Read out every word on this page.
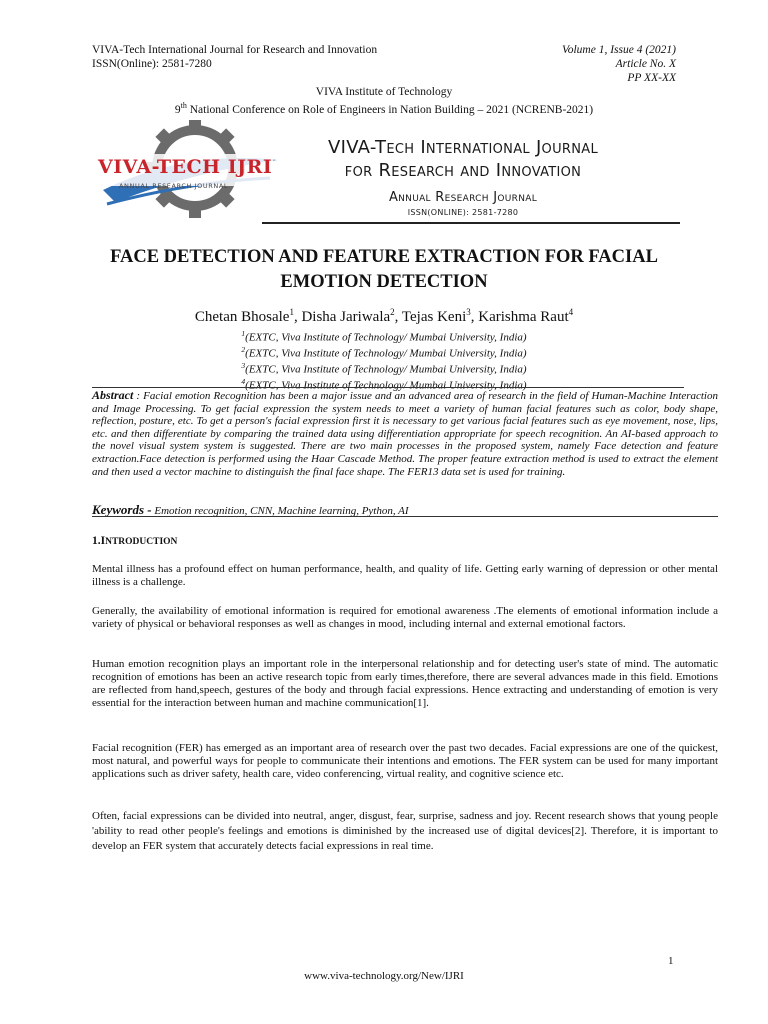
VIVA-Tech International Journal for Research and Innovation
ISSN(Online): 2581-7280
Volume 1, Issue 4 (2021)
Article No. X
PP XX-XX
VIVA Institute of Technology
9th National Conference on Role of Engineers in Nation Building – 2021 (NCRENB-2021)
VIVA-TECH IJRI
ANNUAL RESEARCH JOURNAL
VIVA-Tech International Journal
for Research and Innovation
Annual Research Journal
ISSN(ONLINE): 2581-7280
FACE DETECTION AND FEATURE EXTRACTION FOR FACIAL
EMOTION DETECTION
Chetan Bhosale$^1$, Disha Jariwala$^2$, Tejas Keni$^3$, Karishma Raut$^4$
$^1$(EXTC, Viva Institute of Technology/ Mumbai University, India)
$^2$(EXTC, Viva Institute of Technology/ Mumbai University, India)
$^3$(EXTC, Viva Institute of Technology/ Mumbai University, India)
$^4$(EXTC, Viva Institute of Technology/ Mumbai University, India)
Abstract : Facial emotion Recognition has been a major issue and an advanced area of research in the field of Human-Machine Interaction and Image Processing. To get facial expression the system needs to meet a variety of human facial features such as color, body shape, reflection, posture, etc. To get a person's facial expression first it is necessary to get various facial features such as eye movement, nose, lips, etc. and then differentiate by comparing the trained data using differentiation appropriate for speech recognition. An AI-based approach to the novel visual system system is suggested. There are two main processes in the proposed system, namely Face detection and feature extraction.Face detection is performed using the Haar Cascade Method. The proper feature extraction method is used to extract the element and then used a vector machine to distinguish the final face shape. The FER13 data set is used for training.
Keywords - Emotion recognition, CNN, Machine learning, Python, AI
1.INTRODUCTION
Mental illness has a profound effect on human performance, health, and quality of life. Getting early warning of depression or other mental illness is a challenge.
Generally, the availability of emotional information is required for emotional awareness .The elements of emotional information include a variety of physical or behavioral responses as well as changes in mood, including internal and external emotional factors.
Human emotion recognition plays an important role in the interpersonal relationship and for detecting user's state of mind. The automatic recognition of emotions has been an active research topic from early times,therefore, there are several advances made in this field. Emotions are reflected from hand,speech, gestures of the body and through facial expressions. Hence extracting and understanding of emotion is very essential for the interaction between human and machine communication[1].
Facial recognition (FER) has emerged as an important area of research over the past two decades. Facial expressions are one of the quickest, most natural, and powerful ways for people to communicate their intentions and emotions. The FER system can be used for many important applications such as driver safety, health care, video conferencing, virtual reality, and cognitive science etc.
Often, facial expressions can be divided into neutral, anger, disgust, fear, surprise, sadness and joy. Recent research shows that young people 'ability to read other people's feelings and emotions is diminished by the increased use of digital devices[2]. Therefore, it is important to develop an FER system that accurately detects facial expressions in real time.
1
www.viva-technology.org/New/IJRI
